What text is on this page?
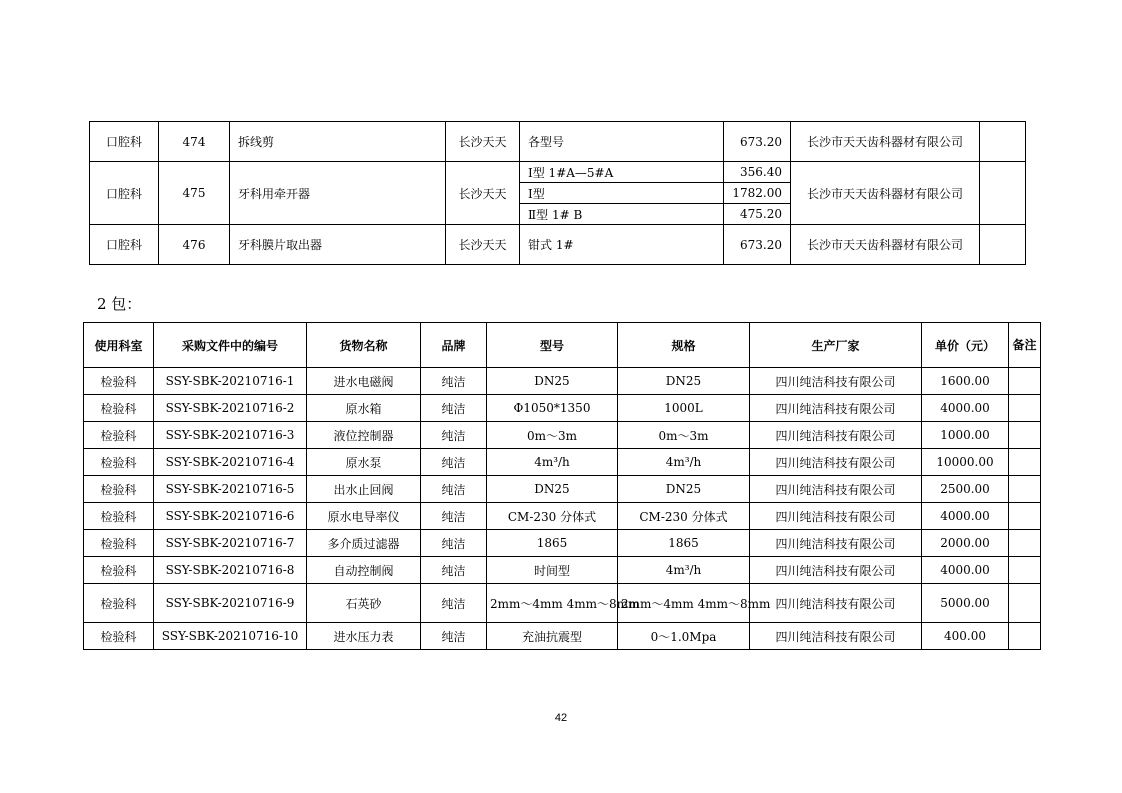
口腔科	474	拆线剪	长沙天天	各型号	673.20	长沙市天天齿科器材有限公司	
口腔科	475	牙科用牵开器	长沙天天	Ⅰ型 1#A—5#A	356.40	长沙市天天齿科器材有限公司	
				Ⅰ型	1782.00		
				Ⅱ型 1# B	475.20		
口腔科	476	牙科膜片取出器	长沙天天	钳式 1#	673.20	长沙市天天齿科器材有限公司	
2 包：
使用科室	采购文件中的编号	货物名称	品牌	型号	规格	生产厂家	单价（元）	备注
检验科	SSY-SBK-20210716-1	进水电磁阀	纯洁	DN25	DN25	四川纯洁科技有限公司	1600.00	
检验科	SSY-SBK-20210716-2	原水箱	纯洁	Φ1050*1350	1000L	四川纯洁科技有限公司	4000.00	
检验科	SSY-SBK-20210716-3	液位控制器	纯洁	0m～3m	0m～3m	四川纯洁科技有限公司	1000.00	
检验科	SSY-SBK-20210716-4	原水泵	纯洁	4m³/h	4m³/h	四川纯洁科技有限公司	10000.00	
检验科	SSY-SBK-20210716-5	出水止回阀	纯洁	DN25	DN25	四川纯洁科技有限公司	2500.00	
检验科	SSY-SBK-20210716-6	原水电导率仪	纯洁	CM-230 分体式	CM-230 分体式	四川纯洁科技有限公司	4000.00	
检验科	SSY-SBK-20210716-7	多介质过滤器	纯洁	1865	1865	四川纯洁科技有限公司	2000.00	
检验科	SSY-SBK-20210716-8	自动控制阀	纯洁	时间型	4m³/h	四川纯洁科技有限公司	4000.00	
检验科	SSY-SBK-20210716-9	石英砂	纯洁	2mm～4mm 4mm～8mm	2mm～4mm 4mm～8mm	四川纯洁科技有限公司	5000.00	
检验科	SSY-SBK-20210716-10	进水压力表	纯洁	充油抗震型	0～1.0Mpa	四川纯洁科技有限公司	400.00	
42
